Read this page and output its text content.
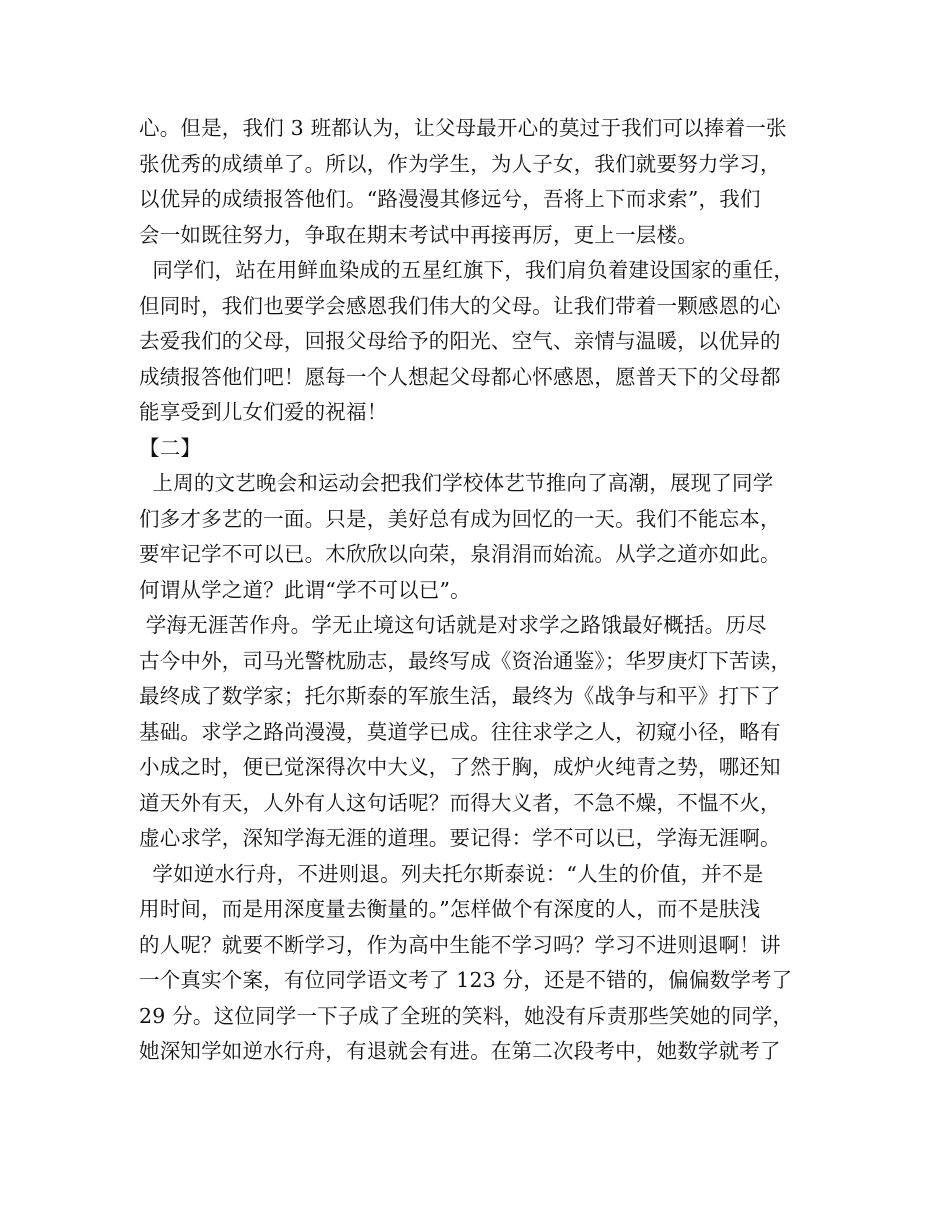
心。但是，我们 3 班都认为，让父母最开心的莫过于我们可以捧着一张
张优秀的成绩单了。所以，作为学生，为人子女，我们就要努力学习，
以优异的成绩报答他们。“路漫漫其修远兮，吾将上下而求索”，我们
会一如既往努力，争取在期末考试中再接再厉，更上一层楼。
同学们，站在用鲜血染成的五星红旗下，我们肩负着建设国家的重任，
但同时，我们也要学会感恩我们伟大的父母。让我们带着一颗感恩的心
去爱我们的父母，回报父母给予的阳光、空气、亲情与温暖，以优异的
成绩报答他们吧！愿每一个人想起父母都心怀感恩，愿普天下的父母都
能享受到儿女们爱的祝福！
【二】
上周的文艺晚会和运动会把我们学校体艺节推向了高潮，展现了同学
们多才多艺的一面。只是，美好总有成为回忆的一天。我们不能忘本，
要牢记学不可以已。木欣欣以向荣，泉涓涓而始流。从学之道亦如此。
何谓从学之道？此谓“学不可以已”。
学海无涯苦作舟。学无止境这句话就是对求学之路饿最好概括。历尽
古今中外，司马光警枕励志，最终写成《资治通鉴》；华罗庚灯下苦读，
最终成了数学家；托尔斯泰的军旅生活，最终为《战争与和平》打下了
基础。求学之路尚漫漫，莫道学已成。往往求学之人，初窥小径，略有
小成之时，便已觉深得次中大义，了然于胸，成炉火纯青之势，哪还知
道天外有天，人外有人这句话呢？而得大义者，不急不燥，不愠不火，
虚心求学，深知学海无涯的道理。要记得：学不可以已，学海无涯啊。
学如逆水行舟，不进则退。列夫托尔斯泰说：“人生的价值，并不是
用时间，而是用深度量去衡量的。”怎样做个有深度的人，而不是肤浅
的人呢？就要不断学习，作为高中生能不学习吗？学习不进则退啊！讲
一个真实个案，有位同学语文考了 123 分，还是不错的，偏偏数学考了
29 分。这位同学一下子成了全班的笑料，她没有斥责那些笑她的同学，
她深知学如逆水行舟，有退就会有进。在第二次段考中，她数学就考了
